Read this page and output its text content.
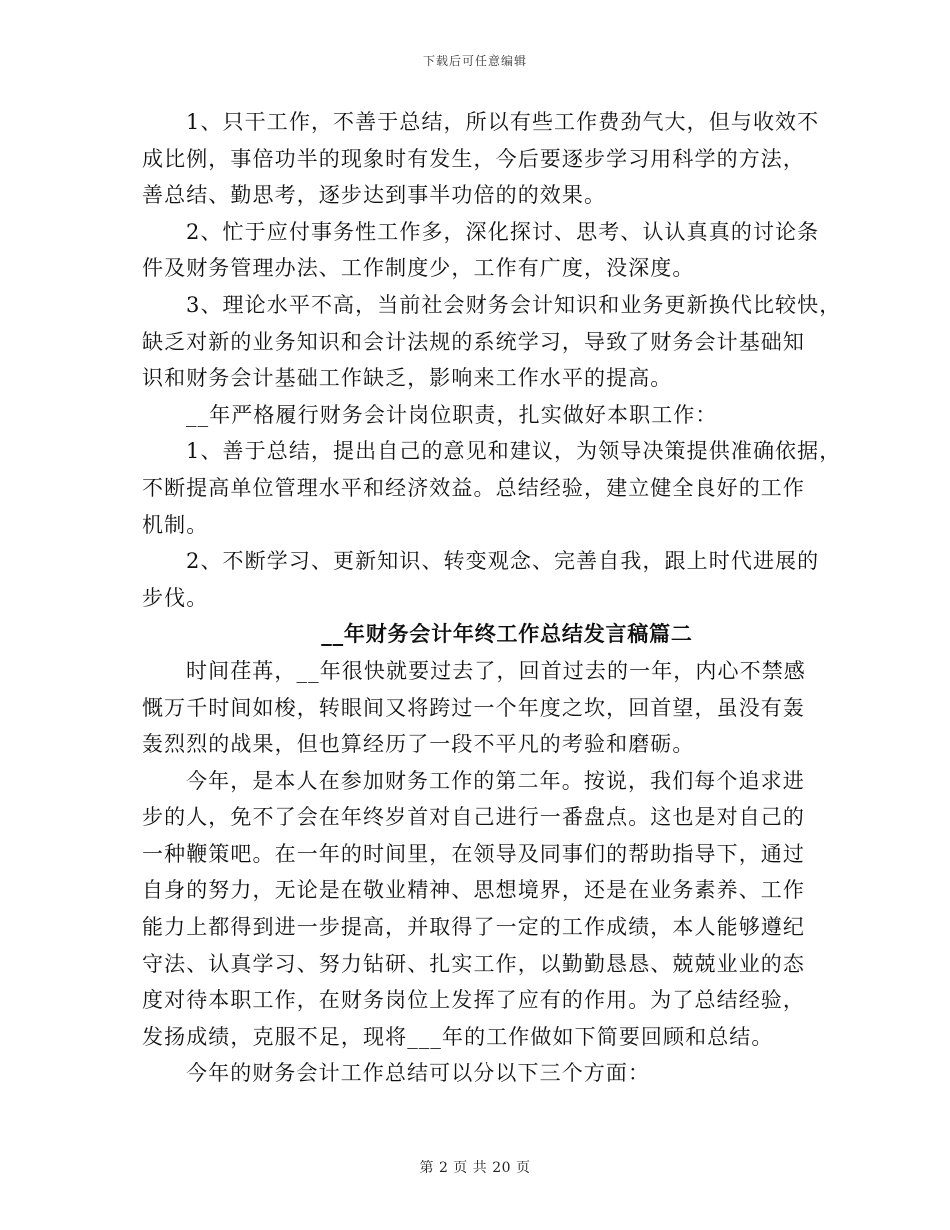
下载后可任意编辑
1、只干工作，不善于总结，所以有些工作费劲气大，但与收效不
成比例，事倍功半的现象时有发生，今后要逐步学习用科学的方法，
善总结、勤思考，逐步达到事半功倍的的效果。
2、忙于应付事务性工作多，深化探讨、思考、认认真真的讨论条
件及财务管理办法、工作制度少，工作有广度，没深度。
3、理论水平不高，当前社会财务会计知识和业务更新换代比较快，
缺乏对新的业务知识和会计法规的系统学习，导致了财务会计基础知
识和财务会计基础工作缺乏，影响来工作水平的提高。
__年严格履行财务会计岗位职责，扎实做好本职工作：
1、善于总结，提出自己的意见和建议，为领导决策提供准确依据，
不断提高单位管理水平和经济效益。总结经验，建立健全良好的工作
机制。
2、不断学习、更新知识、转变观念、完善自我，跟上时代进展的
步伐。
__年财务会计年终工作总结发言稿篇二
时间荏苒，__年很快就要过去了，回首过去的一年，内心不禁感
慨万千时间如梭，转眼间又将跨过一个年度之坎，回首望，虽没有轰
轰烈烈的战果，但也算经历了一段不平凡的考验和磨砺。
今年，是本人在参加财务工作的第二年。按说，我们每个追求进
步的人，免不了会在年终岁首对自己进行一番盘点。这也是对自己的
一种鞭策吧。在一年的时间里，在领导及同事们的帮助指导下，通过
自身的努力，无论是在敬业精神、思想境界，还是在业务素养、工作
能力上都得到进一步提高，并取得了一定的工作成绩，本人能够遵纪
守法、认真学习、努力钻研、扎实工作，以勤勤恳恳、兢兢业业的态
度对待本职工作，在财务岗位上发挥了应有的作用。为了总结经验，
发扬成绩，克服不足，现将___年的工作做如下简要回顾和总结。
今年的财务会计工作总结可以分以下三个方面：
第 2 页 共 20 页
